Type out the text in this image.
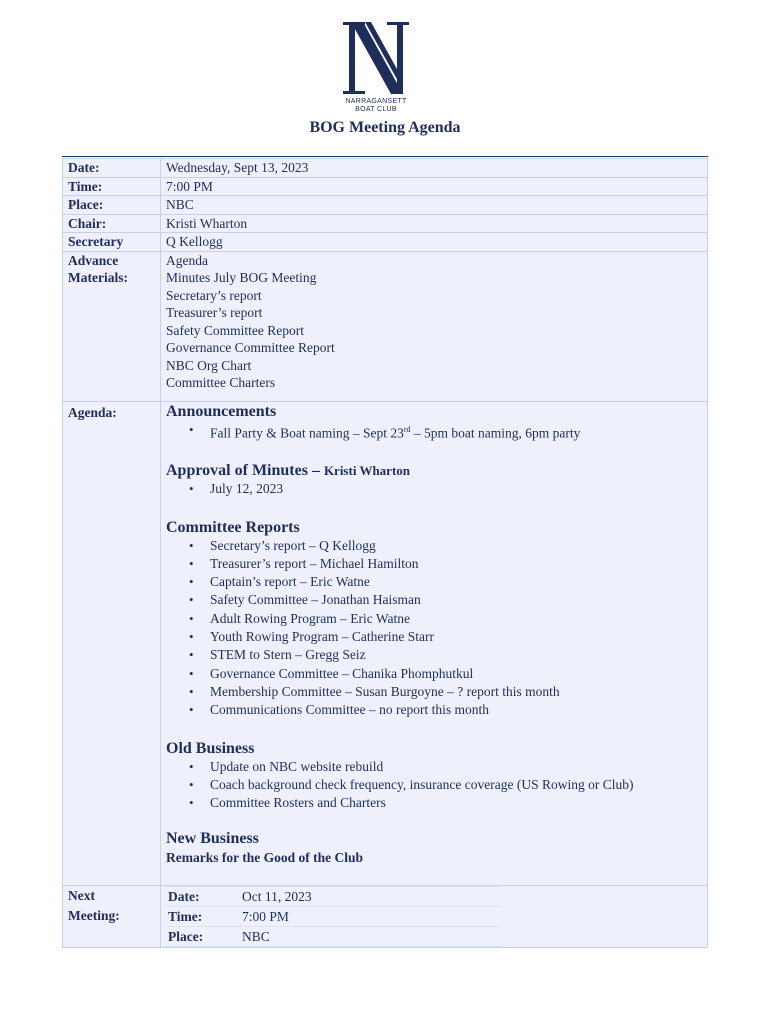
NARRAGANSETT
BOAT CLUB
BOG Meeting Agenda
Date:	Wednesday, Sept 13, 2023
Time:	7:00 PM
Place:	NBC
Chair:	Kristi Wharton
Secretary	Q Kellogg

Advance
Materials:

Agenda
Minutes July BOG Meeting
Secretary’s report
Treasurer’s report
Safety Committee Report
Governance Committee Report
NBC Org Chart
Committee Charters

Agenda:	Announcements
• Fall Party & Boat naming – Sept 23rd – 5pm boat naming, 6pm party
Approval of Minutes – Kristi Wharton
• July 12, 2023
Committee Reports
• Secretary’s report – Q Kellogg
• Treasurer’s report – Michael Hamilton
• Captain’s report – Eric Watne
• Safety Committee – Jonathan Haisman
• Adult Rowing Program – Eric Watne
• Youth Rowing Program – Catherine Starr
• STEM to Stern – Gregg Seiz
• Governance Committee – Chanika Phomphutkul
• Membership Committee – Susan Burgoyne – ? report this month
• Communications Committee – no report this month
Old Business
• Update on NBC website rebuild
• Coach background check frequency, insurance coverage (US Rowing or Club)
• Committee Rosters and Charters
New Business
Remarks for the Good of the Club

Next
Meeting:

Date:	Oct 11, 2023
Time:	7:00 PM
Place:	NBC
